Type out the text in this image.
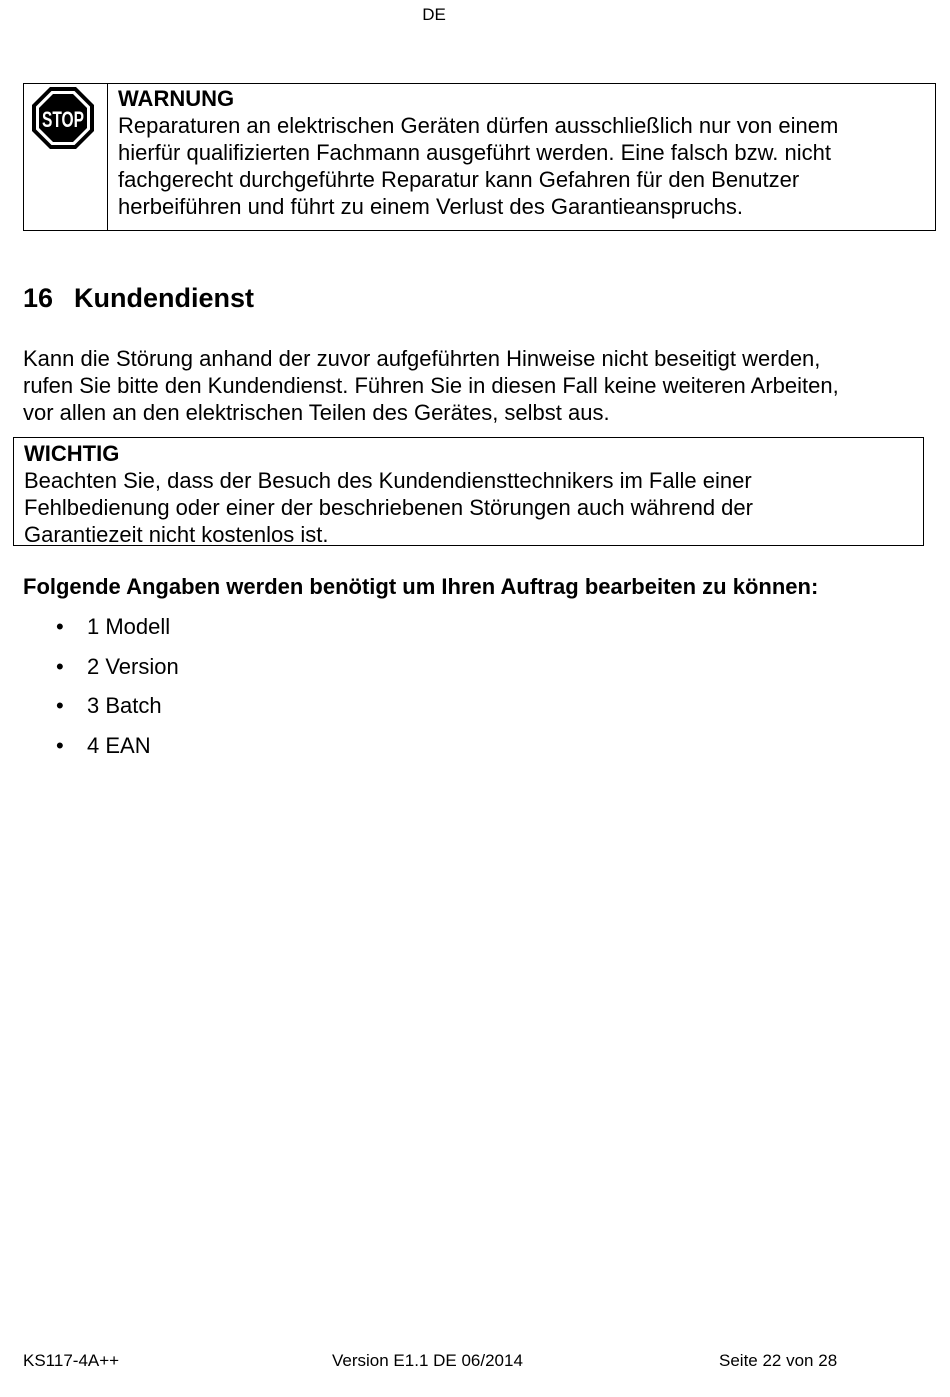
DE
STOP
WARNUNG
Reparaturen an elektrischen Geräten dürfen ausschließlich nur von einem
hierfür qualifizierten Fachmann ausgeführt werden. Eine falsch bzw. nicht
fachgerecht durchgeführte Reparatur kann Gefahren für den Benutzer
herbeiführen und führt zu einem Verlust des Garantieanspruchs.
16 Kundendienst

Kann die Störung anhand der zuvor aufgeführten Hinweise nicht beseitigt werden,
rufen Sie bitte den Kundendienst. Führen Sie in diesen Fall keine weiteren Arbeiten,
vor allen an den elektrischen Teilen des Gerätes, selbst aus.

WICHTIG
Beachten Sie, dass der Besuch des Kundendiensttechnikers im Falle einer
Fehlbedienung oder einer der beschriebenen Störungen auch während der
Garantiezeit nicht kostenlos ist.
Folgende Angaben werden benötigt um Ihren Auftrag bearbeiten zu können:
• 1 Modell
• 2 Version
• 3 Batch
• 4 EAN
KS117-4A++	Version E1.1 DE 06/2014	Seite 22 von 28
